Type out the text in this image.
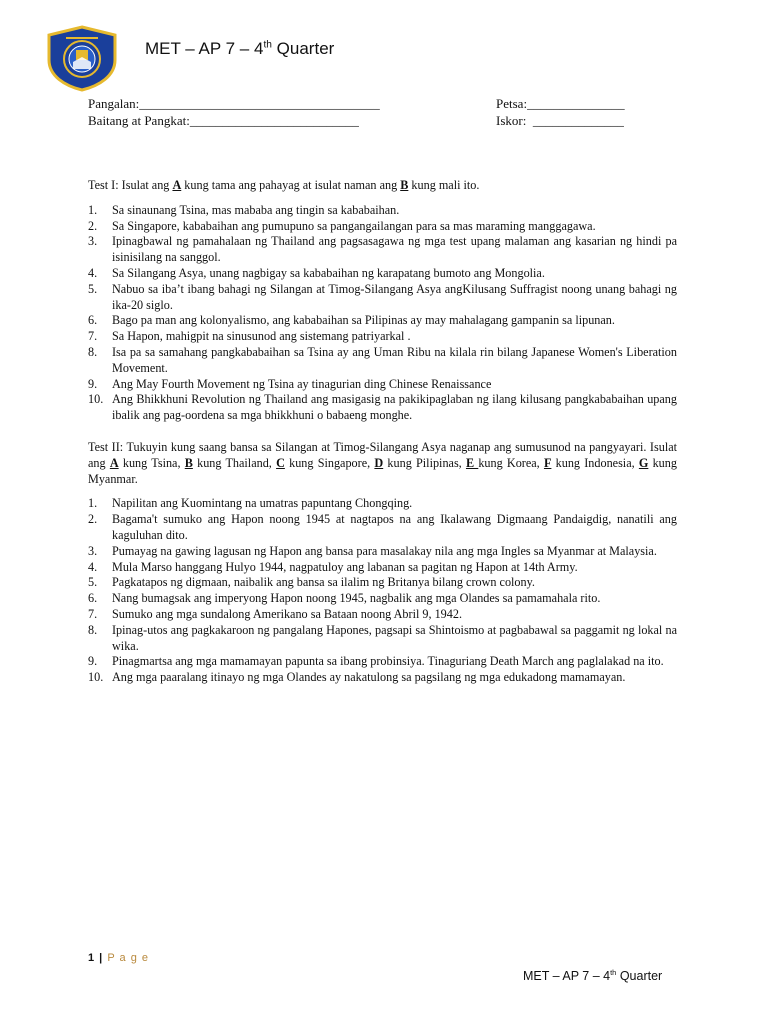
MET – AP 7 – 4th Quarter
Pangalan:_____________________________________	Petsa:_______________
Baitang at Pangkat:__________________________	Iskor:  ______________

Test I: Isulat ang A kung tama ang pahayag at isulat naman ang B kung mali ito.

1.	Sa sinaunang Tsina, mas mababa ang tingin sa kababaihan.
2.	Sa Singapore, kababaihan ang pumupuno sa pangangailangan para sa mas maraming manggagawa.
3.	Ipinagbawal ng pamahalaan ng Thailand ang pagsasagawa ng mga test upang malaman ang kasarian ng hindi pa isinisilang na sanggol.
4.	Sa Silangang Asya, unang nagbigay sa kababaihan ng karapatang bumoto ang Mongolia.
5.	Nabuo sa iba’t ibang bahagi ng Silangan at Timog-Silangang Asya angKilusang Suffragist noong unang bahagi ng ika-20 siglo.
6.	Bago pa man ang kolonyalismo, ang kababaihan sa Pilipinas ay may mahalagang gampanin sa lipunan.
7.	Sa Hapon, mahigpit na sinusunod ang sistemang patriyarkal .
8.	Isa pa sa samahang pangkababaihan sa Tsina ay ang Uman Ribu na kilala rin bilang Japanese Women's Liberation Movement.
9.	Ang May Fourth Movement ng Tsina ay tinagurian ding Chinese Renaissance
10. Ang Bhikkhuni Revolution ng Thailand ang masigasig na pakikipaglaban ng ilang kilusang pangkababaihan upang ibalik ang pag-oordena sa mga bhikkhuni o babaeng monghe.

Test II: Tukuyin kung saang bansa sa Silangan at Timog-Silangang Asya naganap ang sumusunod na pangyayari. Isulat ang A kung Tsina, B kung Thailand, C kung Singapore, D kung Pilipinas, E kung Korea, F kung Indonesia, G kung Myanmar.

1.	Napilitan ang Kuomintang na umatras papuntang Chongqing.
2.	Bagama't sumuko ang Hapon noong 1945 at nagtapos na ang Ikalawang Digmaang Pandaigdig, nanatili ang kaguluhan dito.
3.	Pumayag na gawing lagusan ng Hapon ang bansa para masalakay nila ang mga Ingles sa Myanmar at Malaysia.
4.	Mula Marso hanggang Hulyo 1944, nagpatuloy ang labanan sa pagitan ng Hapon at 14th Army.
5.	Pagkatapos ng digmaan, naibalik ang bansa sa ilalim ng Britanya bilang crown colony.
6.	Nang bumagsak ang imperyong Hapon noong 1945, nagbalik ang mga Olandes sa pamamahala rito.
7.	Sumuko ang mga sundalong Amerikano sa Bataan noong Abril 9, 1942.
8.	Ipinag-utos ang pagkakaroon ng pangalang Hapones, pagsapi sa Shintoismo at pagbabawal sa paggamit ng lokal na wika.
9.	Pinagmartsa ang mga mamamayan papunta sa ibang probinsiya. Tinaguriang Death March ang paglalakad na ito.
10. Ang mga paaralang itinayo ng mga Olandes ay nakatulong sa pagsilang ng mga edukadong mamamayan.
1 | P a g e
MET – AP 7 – 4th Quarter
